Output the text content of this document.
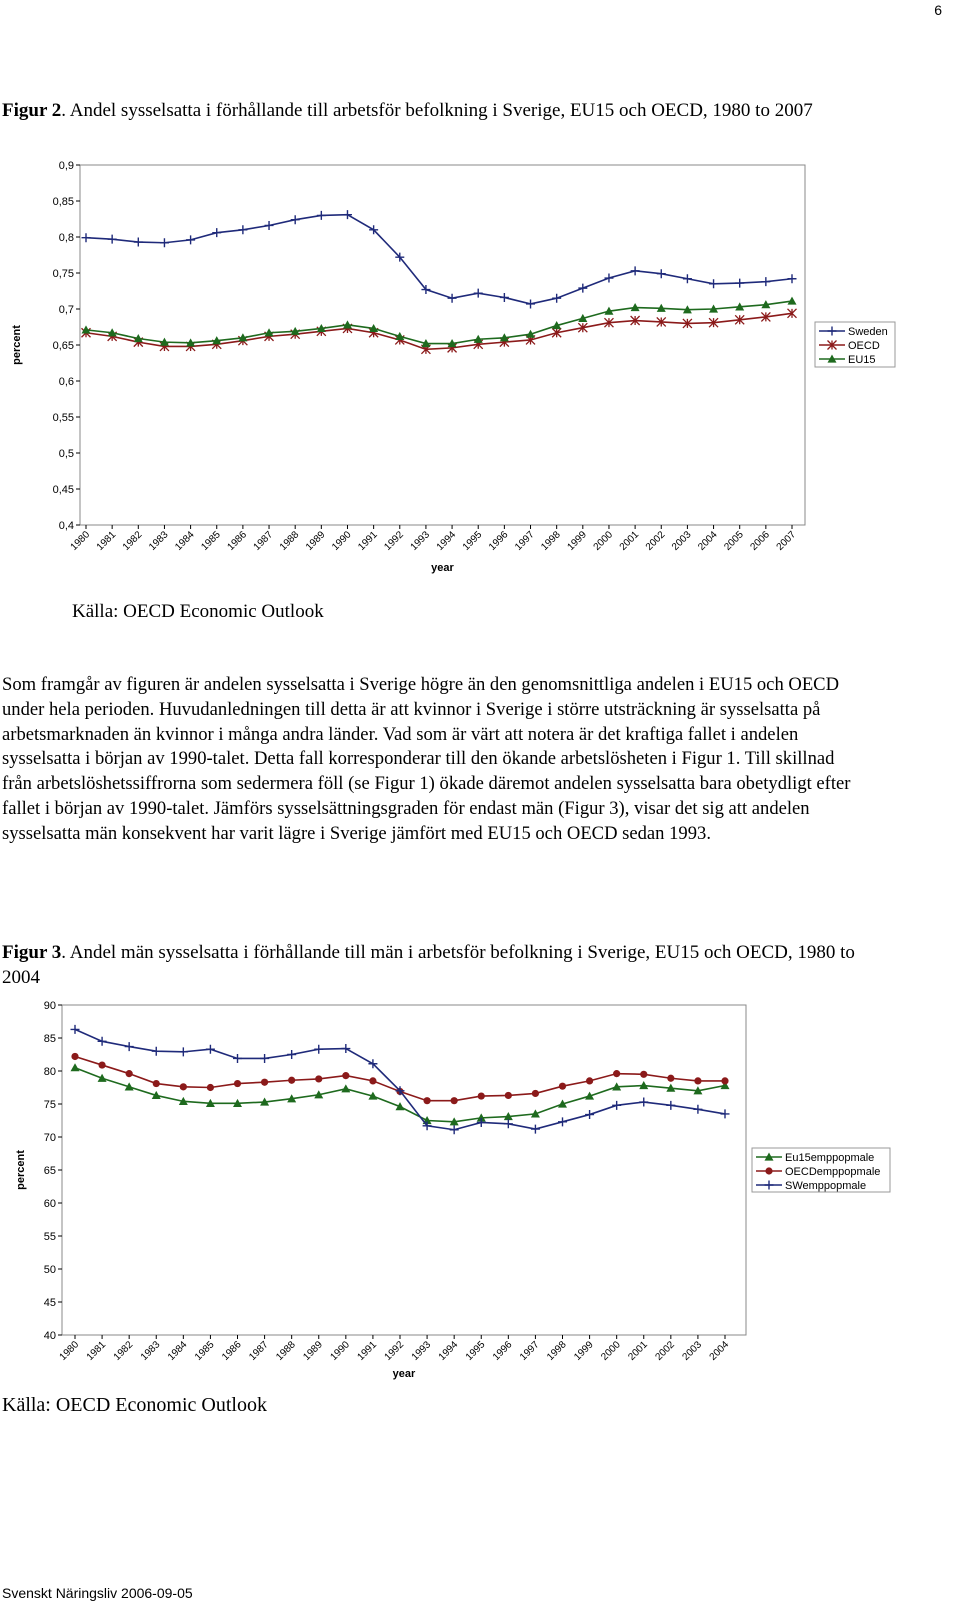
6

Figur 2. Andel sysselsatta i förhållande till arbetsför befolkning i Sverige, EU15 och OECD, 1980 to 2007

0,4
0,45
0,5
0,55
0,6
0,65
0,7
0,75
0,8
0,85
0,9
1980 1981 1982 1983 1984 1985 1986 1987 1988 1989 1990 1991 1992 1993 1994 1995 1996 1997 1998 1999 2000 2001 2002 2003 2004 2005 2006 2007
year
percent	Sweden
OECD
EU15
Källa: OECD Economic Outlook

Som framgår av figuren är andelen sysselsatta i Sverige högre än den genomsnittliga andelen i EU15 och OECD under hela perioden. Huvudanledningen till detta är att kvinnor i Sverige i större utsträckning är sysselsatta på arbetsmarknaden än kvinnor i många andra länder. Vad som är värt att notera är det kraftiga fallet i andelen sysselsatta i början av 1990-talet. Detta fall korresponderar till den ökande arbetslösheten i Figur 1. Till skillnad från arbetslöshetssiffrorna som sedermera föll (se Figur 1) ökade däremot andelen sysselsatta bara obetydligt efter fallet i början av 1990-talet. Jämförs sysselsättningsgraden för endast män (Figur 3), visar det sig att andelen sysselsatta män konsekvent har varit lägre i Sverige jämfört med EU15 och OECD sedan 1993.

Figur 3. Andel män sysselsatta i förhållande till män i arbetsför befolkning i Sverige, EU15 och OECD, 1980 to 2004

40
45
50
55
60
65
70
75
80
85
90
1980 1981 1982 1983 1984 1985 1986 1987 1988 1989 1990 1991 1992 1993 1994 1995 1996 1997 1998 1999 2000 2001 2002 2003 2004
year
percent	Eu15emppopmale
OECDemppopmale
SWemppopmale
Källa: OECD Economic Outlook
Svenskt Näringsliv 2006-09-05
